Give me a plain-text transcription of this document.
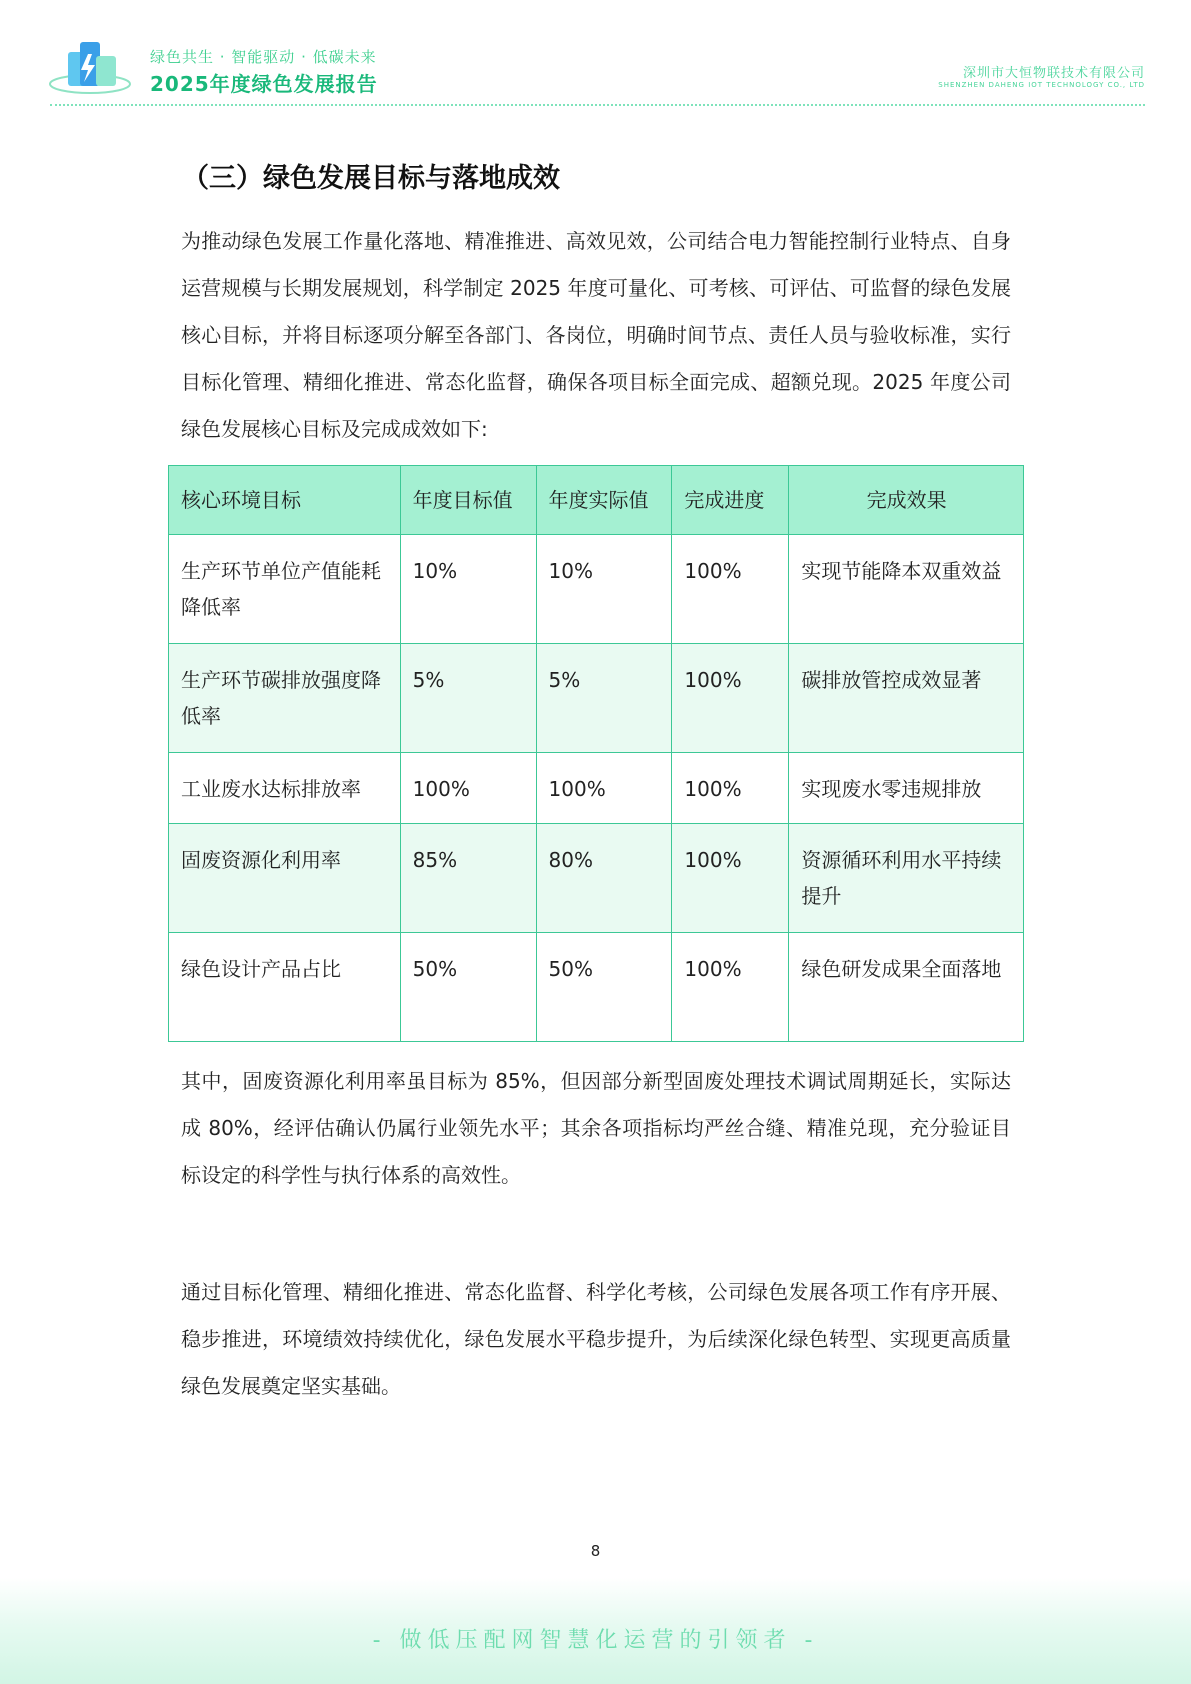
绿色共生 · 智能驱动 · 低碳未来
2025年度绿色发展报告	深圳市大恒物联技术有限公司
SHENZHEN DAHENG IOT TECHNOLOGY CO., LTD
（三）绿色发展目标与落地成效

为推动绿色发展工作量化落地、精准推进、高效见效，公司结合电力智能控制行业特点、自身运营规模与长期发展规划，科学制定 2025 年度可量化、可考核、可评估、可监督的绿色发展核心目标，并将目标逐项分解至各部门、各岗位，明确时间节点、责任人员与验收标准，实行目标化管理、精细化推进、常态化监督，确保各项目标全面完成、超额兑现。2025 年度公司绿色发展核心目标及完成成效如下:

核心环境目标	年度目标值	年度实际值	完成进度	完成效果
生产环节单位产值能耗降低率	10%	10%	100%	实现节能降本双重效益
生产环节碳排放强度降低率	5%	5%	100%	碳排放管控成效显著
工业废水达标排放率	100%	100%	100%	实现废水零违规排放
固废资源化利用率	85%	80%	100%	资源循环利用水平持续提升
绿色设计产品占比	50%	50%	100%	绿色研发成果全面落地

其中，固废资源化利用率虽目标为 85%，但因部分新型固废处理技术调试周期延长，实际达成 80%，经评估确认仍属行业领先水平；其余各项指标均严丝合缝、精准兑现，充分验证目标设定的科学性与执行体系的高效性。

通过目标化管理、精细化推进、常态化监督、科学化考核，公司绿色发展各项工作有序开展、稳步推进，环境绩效持续优化，绿色发展水平稳步提升，为后续深化绿色转型、实现更高质量绿色发展奠定坚实基础。

8
- 做低压配网智慧化运营的引领者 -
